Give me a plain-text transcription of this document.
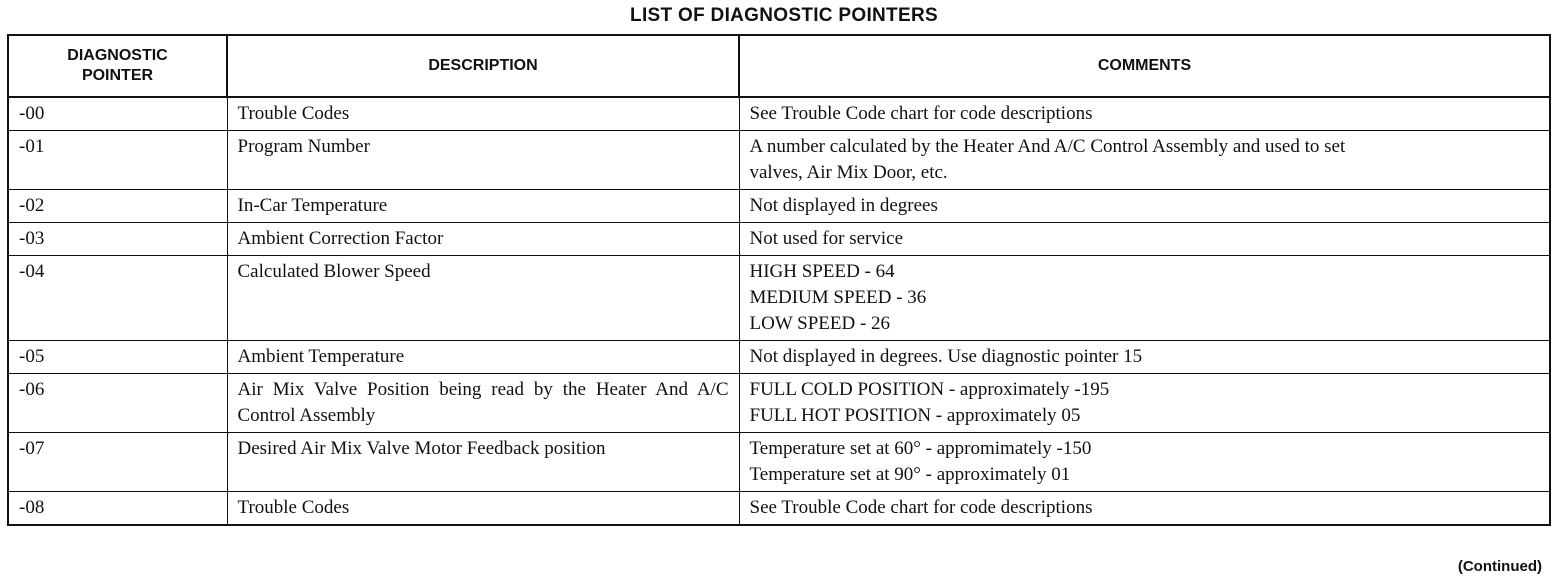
LIST OF DIAGNOSTIC POINTERS
DIAGNOSTIC
POINTER	DESCRIPTION	COMMENTS
-00	Trouble Codes	See Trouble Code chart for code descriptions

-01	Program Number	A number calculated by the Heater And A/C Control Assembly and used to set
valves, Air Mix Door, etc.

-02	In-Car Temperature	Not displayed in degrees

-03	Ambient Correction Factor	Not used for service

-04	Calculated Blower Speed	HIGH SPEED - 64
MEDIUM SPEED - 36
LOW SPEED - 26

-05	Ambient Temperature	Not displayed in degrees. Use diagnostic pointer 15

-06	Air Mix Valve Position being read by the Heater And A/C Control Assembly	FULL COLD POSITION - approximately -195
FULL HOT POSITION - approximately 05

-07	Desired Air Mix Valve Motor Feedback position	Temperature set at 60° - appromimately -150
Temperature set at 90° - approximately 01

-08	Trouble Codes	See Trouble Code chart for code descriptions
(Continued)
